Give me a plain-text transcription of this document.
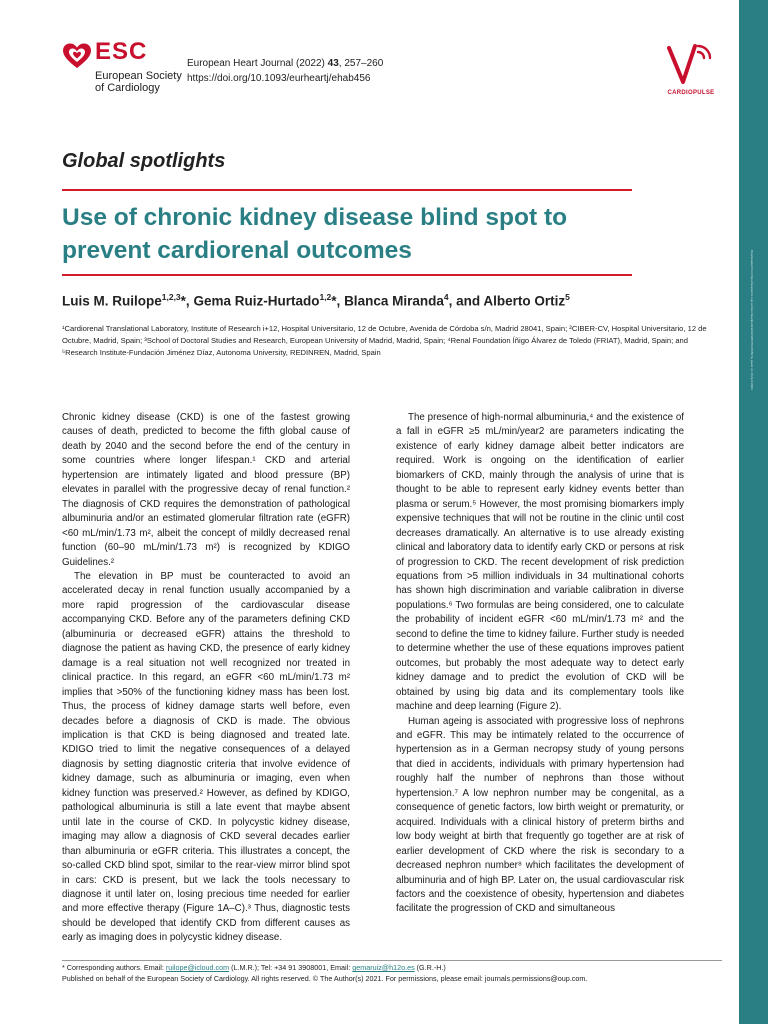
Downloaded from https://academic.oup.com/eurheartj/article/43/4/257/6337656 by guest on 10 April 2024
ESC
European Society
of Cardiology
European Heart Journal (2022) 43, 257–260
https://doi.org/10.1093/eurheartj/ehab456
CARDIOPULSE
Global spotlights
Use of chronic kidney disease blind spot to prevent cardiorenal outcomes
Luis M. Ruilope$^{1,2,3}$*, Gema Ruiz-Hurtado$^{1,2}$*, Blanca Miranda$^4$, and Alberto Ortiz$^5$
¹Cardiorenal Translational Laboratory, Institute of Research i+12, Hospital Universitario, 12 de Octubre, Avenida de Córdoba s/n, Madrid 28041, Spain; ²CIBER-CV, Hospital Universitario, 12 de Octubre, Madrid, Spain; ³School of Doctoral Studies and Research, European University of Madrid, Madrid, Spain; ⁴Renal Foundation Íñigo Álvarez de Toledo (FRIAT), Madrid, Spain; and ⁵Research Institute-Fundación Jiménez Díaz, Autonoma University, REDINREN, Madrid, Spain

Chronic kidney disease (CKD) is one of the fastest growing causes of death, predicted to become the fifth global cause of death by 2040 and the second before the end of the century in some countries where longer lifespan.¹ CKD and arterial hypertension are intimately ligated and blood pressure (BP) elevates in parallel with the progressive decay of renal function.² The diagnosis of CKD requires the demonstration of pathological albuminuria and/or an estimated glomerular filtration rate (eGFR) <60 mL/min/1.73 m², albeit the concept of mildly decreased renal function (60–90 mL/min/1.73 m²) is recognized by KDIGO Guidelines.²

The elevation in BP must be counteracted to avoid an accelerated decay in renal function usually accompanied by a more rapid progression of the cardiovascular disease accompanying CKD. Before any of the parameters defining CKD (albuminuria or decreased eGFR) attains the threshold to diagnose the patient as having CKD, the presence of early kidney damage is a real situation not well recognized nor treated in clinical practice. In this regard, an eGFR <60 mL/min/1.73 m² implies that >50% of the functioning kidney mass has been lost. Thus, the process of kidney damage starts well before, even decades before a diagnosis of CKD is made. The obvious implication is that CKD is being diagnosed and treated late. KDIGO tried to limit the negative consequences of a delayed diagnosis by setting diagnostic criteria that involve evidence of kidney damage, such as albuminuria or imaging, even when kidney function was preserved.² However, as defined by KDIGO, pathological albuminuria is still a late event that maybe absent until late in the course of CKD. In polycystic kidney disease, imaging may allow a diagnosis of CKD several decades earlier than albuminuria or eGFR criteria. This illustrates a concept, the so-called CKD blind spot, similar to the rear-view mirror blind spot in cars: CKD is present, but we lack the tools necessary to diagnose it until later on, losing precious time needed for earlier and more effective therapy (Figure 1A–C).³ Thus, diagnostic tests should be developed that identify CKD from different causes as early as imaging does in polycystic kidney disease.

The presence of high-normal albuminuria,⁴ and the existence of a fall in eGFR ≥5 mL/min/year2 are parameters indicating the existence of early kidney damage albeit better indicators are required. Work is ongoing on the identification of earlier biomarkers of CKD, mainly through the analysis of urine that is thought to be able to represent early kidney events better than plasma or serum.⁵ However, the most promising biomarkers imply expensive techniques that will not be routine in the clinic until cost decreases dramatically. An alternative is to use already existing clinical and laboratory data to identify early CKD or persons at risk of progression to CKD. The recent development of risk prediction equations from >5 million individuals in 34 multinational cohorts has shown high discrimination and variable calibration in diverse populations.⁶ Two formulas are being considered, one to calculate the probability of incident eGFR <60 mL/min/1.73 m² and the second to define the time to kidney failure. Further study is needed to determine whether the use of these equations improves patient outcomes, but probably the most adequate way to detect early kidney damage and to predict the evolution of CKD will be obtained by using big data and its complementary tools like machine and deep learning (Figure 2).

Human ageing is associated with progressive loss of nephrons and eGFR. This may be intimately related to the occurrence of hypertension as in a German necropsy study of young persons that died in accidents, individuals with primary hypertension had roughly half the number of nephrons than those without hypertension.⁷ A low nephron number may be congenital, as a consequence of genetic factors, low birth weight or prematurity, or acquired. Individuals with a clinical history of preterm births and low body weight at birth that frequently go together are at risk of earlier development of CKD where the risk is secondary to a decreased nephron number⁸ which facilitates the development of albuminuria and of high BP. Later on, the usual cardiovascular risk factors and the coexistence of obesity, hypertension and diabetes facilitate the progression of CKD and simultaneous

* Corresponding authors. Email: ruilope@icloud.com (L.M.R.); Tel: +34 91 3908001, Email: gemaruiz@h12o.es (G.R.-H.)
Published on behalf of the European Society of Cardiology. All rights reserved. © The Author(s) 2021. For permissions, please email: journals.permissions@oup.com.
